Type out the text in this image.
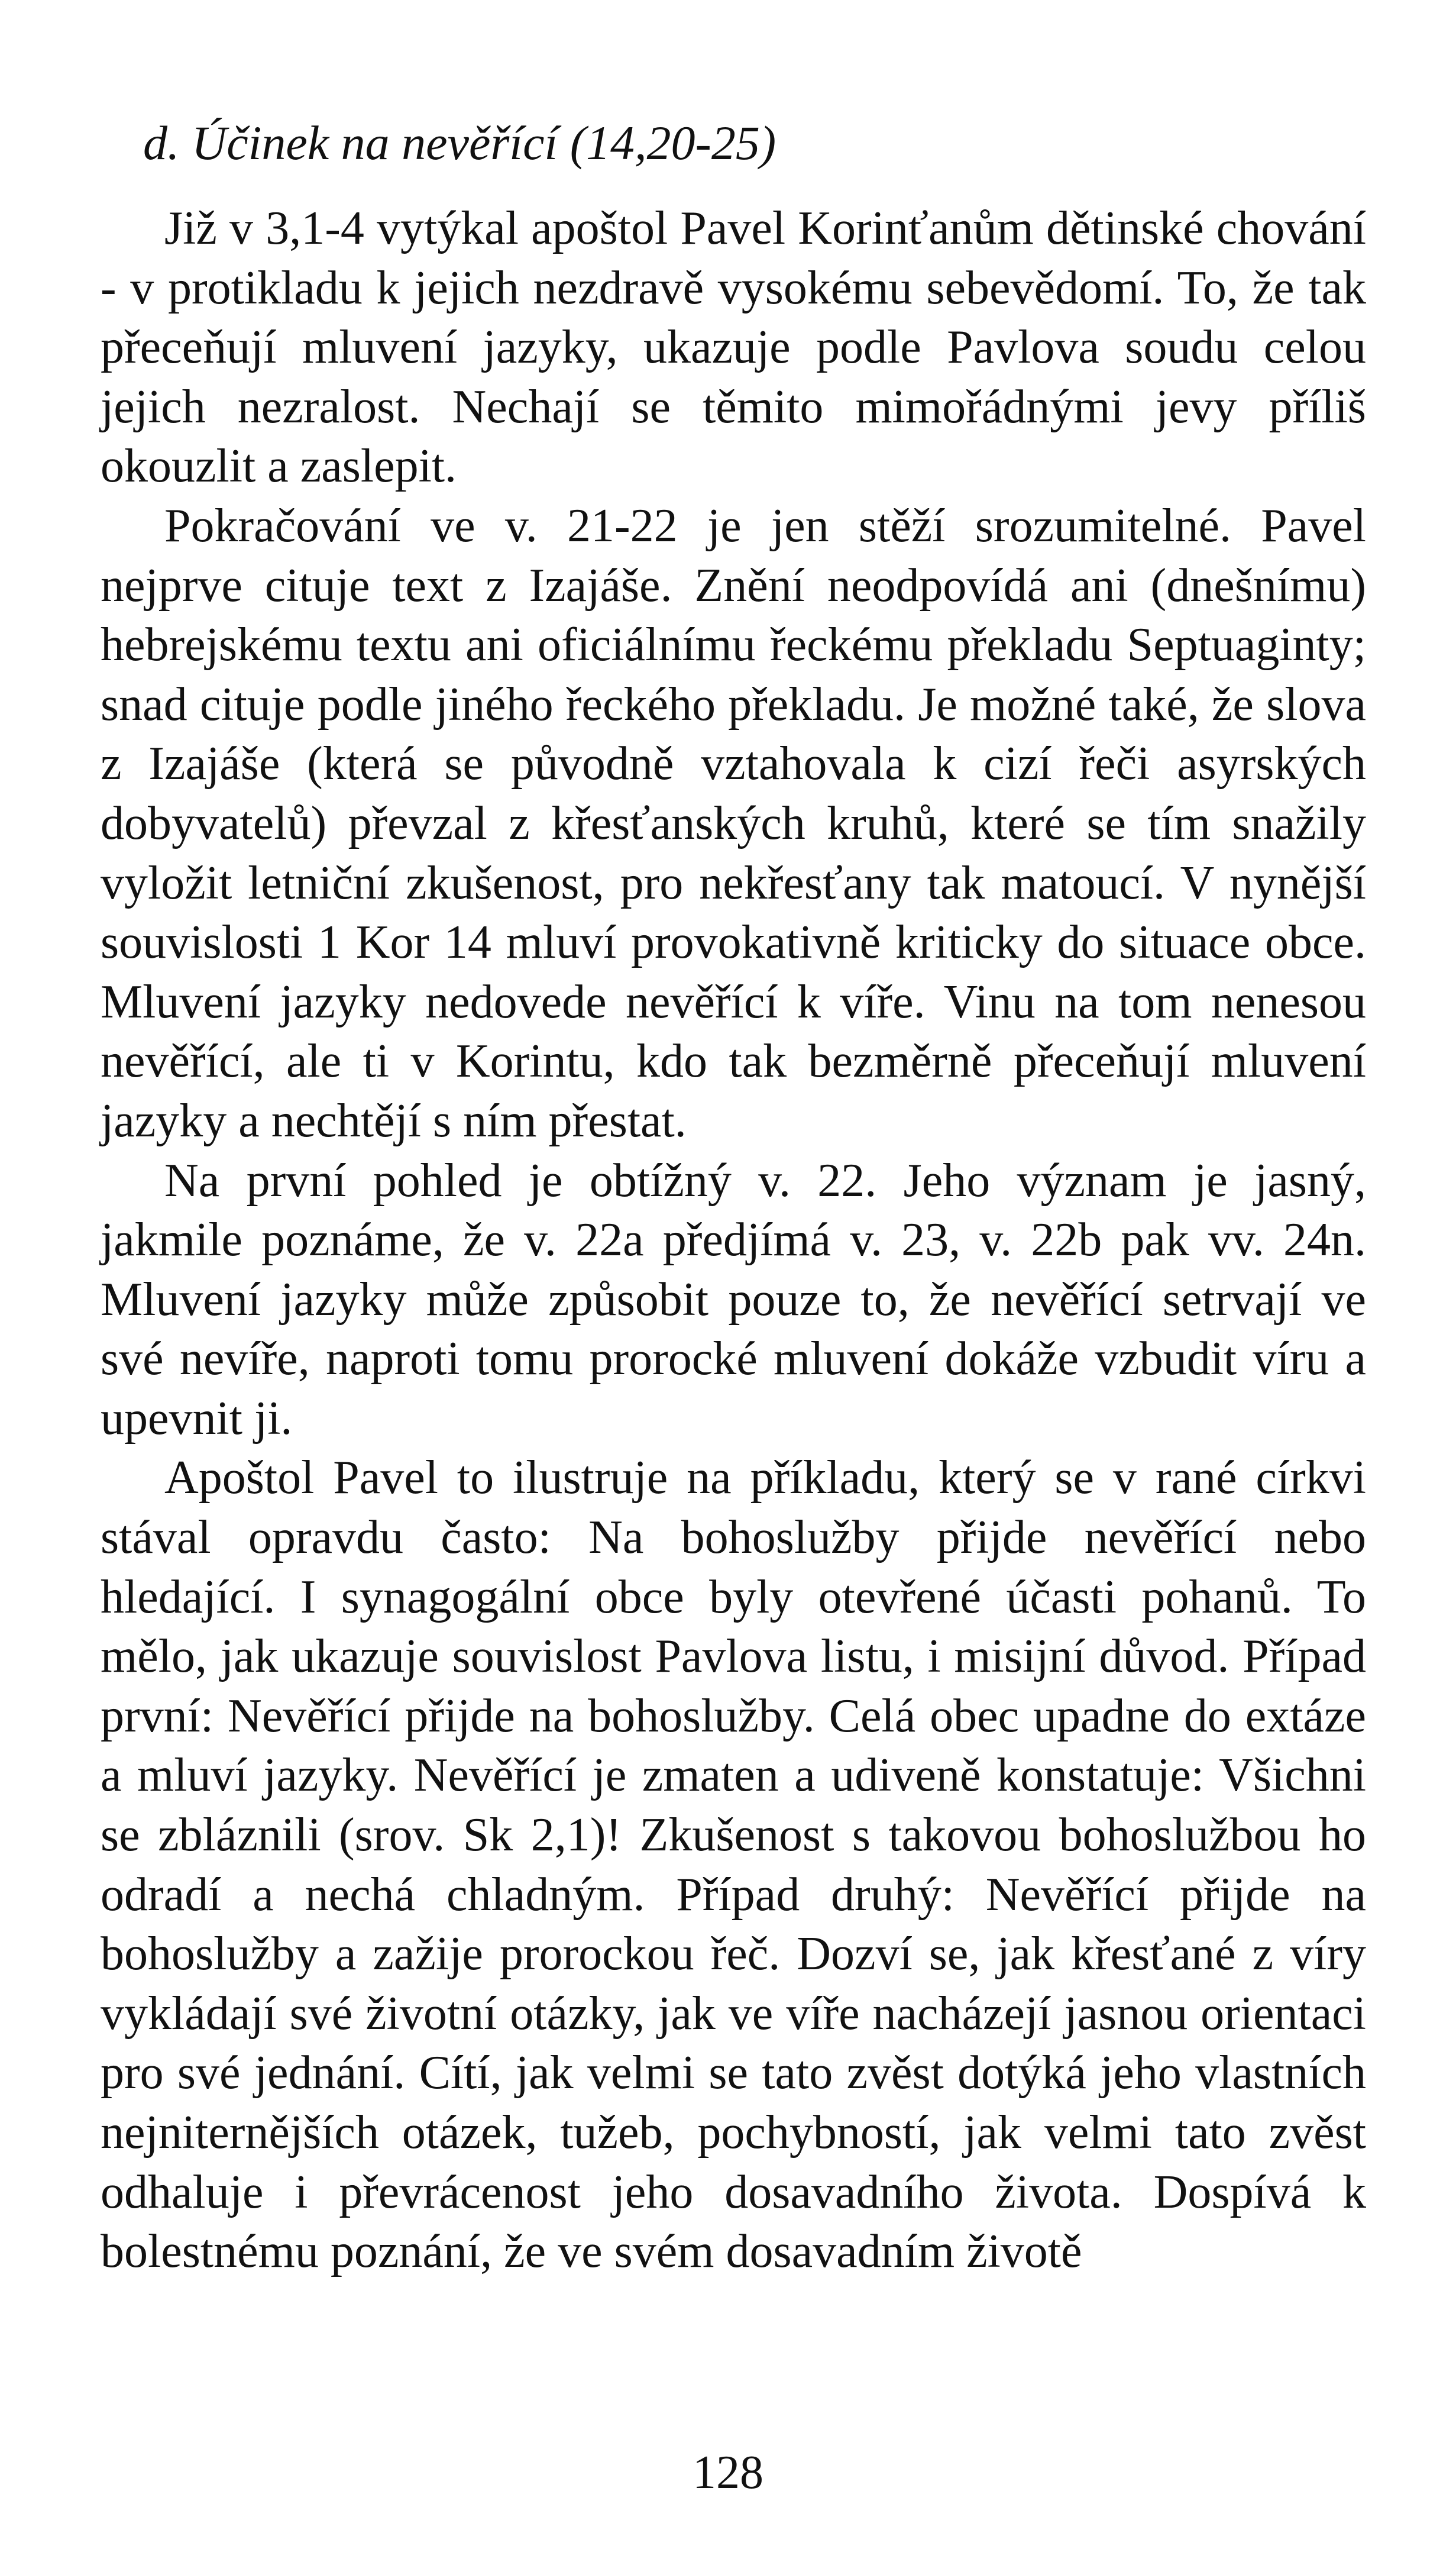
d. Účinek na nevěřící (14,20-25)

Již v 3,1-4 vytýkal apoštol Pavel Korinťanům dětinské chování - v protikladu k jejich nezdravě vysokému sebevědomí. To, že tak přeceňují mluvení jazyky, ukazuje podle Pavlova soudu celou jejich nezralost. Nechají se těmito mimořádnými jevy příliš okouzlit a zaslepit.

Pokračování ve v. 21-22 je jen stěží srozumitelné. Pavel nejprve cituje text z Izajáše. Znění neodpovídá ani (dnešnímu) hebrejskému textu ani oficiálnímu řeckému překladu Septuaginty; snad cituje podle jiného řeckého překladu. Je možné také, že slova z Izajáše (která se původně vztahovala k cizí řeči asyrských dobyvatelů) převzal z křesťanských kruhů, které se tím snažily vyložit letniční zkušenost, pro nekřesťany tak matoucí. V nynější souvislosti 1 Kor 14 mluví provokativně kriticky do situace obce. Mluvení jazyky nedovede nevěřící k víře. Vinu na tom nenesou nevěřící, ale ti v Korintu, kdo tak bezměrně přeceňují mluvení jazyky a nechtějí s ním přestat.

Na první pohled je obtížný v. 22. Jeho význam je jasný, jakmile poznáme, že v. 22a předjímá v. 23, v. 22b pak vv. 24n. Mluvení jazyky může způsobit pouze to, že nevěřící setrvají ve své nevíře, naproti tomu prorocké mluvení dokáže vzbudit víru a upevnit ji.

Apoštol Pavel to ilustruje na příkladu, který se v rané církvi stával opravdu často: Na bohoslužby přijde nevěřící nebo hledající. I synagogální obce byly otevřené účasti pohanů. To mělo, jak ukazuje souvislost Pavlova listu, i misijní důvod. Případ první: Nevěřící přijde na bohoslužby. Celá obec upadne do extáze a mluví jazyky. Nevěřící je zmaten a udiveně konstatuje: Všichni se zbláznili (srov. Sk 2,1)! Zkušenost s takovou bohoslužbou ho odradí a nechá chladným. Případ druhý: Nevěřící přijde na bohoslužby a zažije prorockou řeč. Dozví se, jak křesťané z víry vykládají své životní otázky, jak ve víře nacházejí jasnou orientaci pro své jednání. Cítí, jak velmi se tato zvěst dotýká jeho vlastních nejniternějších otázek, tužeb, pochybností, jak velmi tato zvěst odhaluje i převrácenost jeho dosavadního života. Dospívá k bolestnému poznání, že ve svém dosavadním životě

128
